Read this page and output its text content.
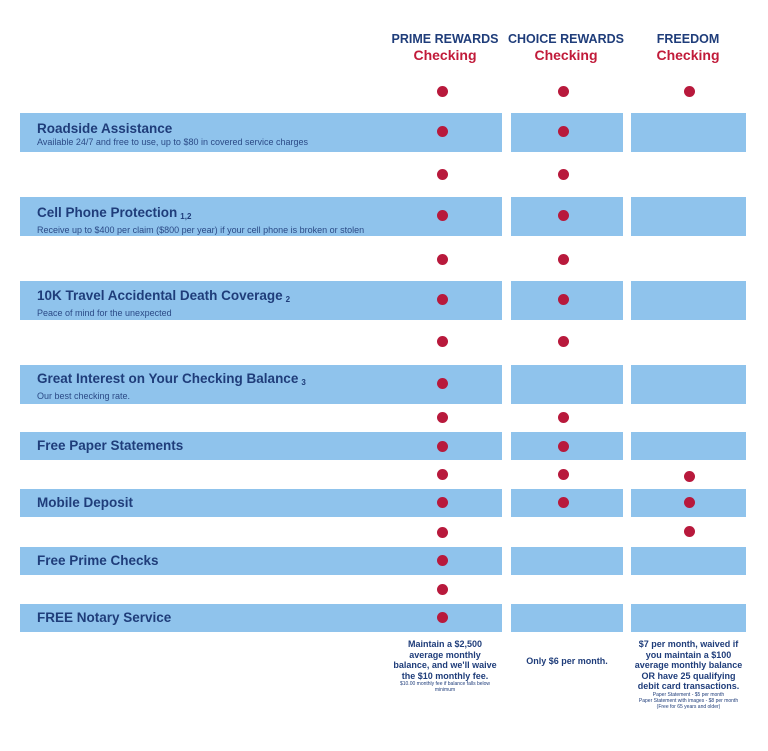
PRIME REWARDS
Checking
CHOICE REWARDS
Checking
FREEDOM
Checking
Roadside Assistance
Available 24/7 and free to use, up to $80 in covered service charges
Cell Phone Protection $^{1,2}$
Receive up to $400 per claim ($800 per year) if your cell phone is broken or stolen
10K Travel Accidental Death Coverage $^2$
Peace of mind for the unexpected
Great Interest on Your Checking Balance $^3$
Our best checking rate.
Free Paper Statements
Mobile Deposit
Free Prime Checks
FREE Notary Service
Maintain a $2,500 average monthly balance, and we'll waive the $10 monthly fee.
$10.00 monthly fee if balance falls below minimum
Only $6 per month.
$7 per month, waived if you maintain a $100 average monthly balance OR have 25 qualifying debit card transactions.
Paper Statement - $5 per month
Paper Statement with images - $8 per month
(Free for 65 years and older)
